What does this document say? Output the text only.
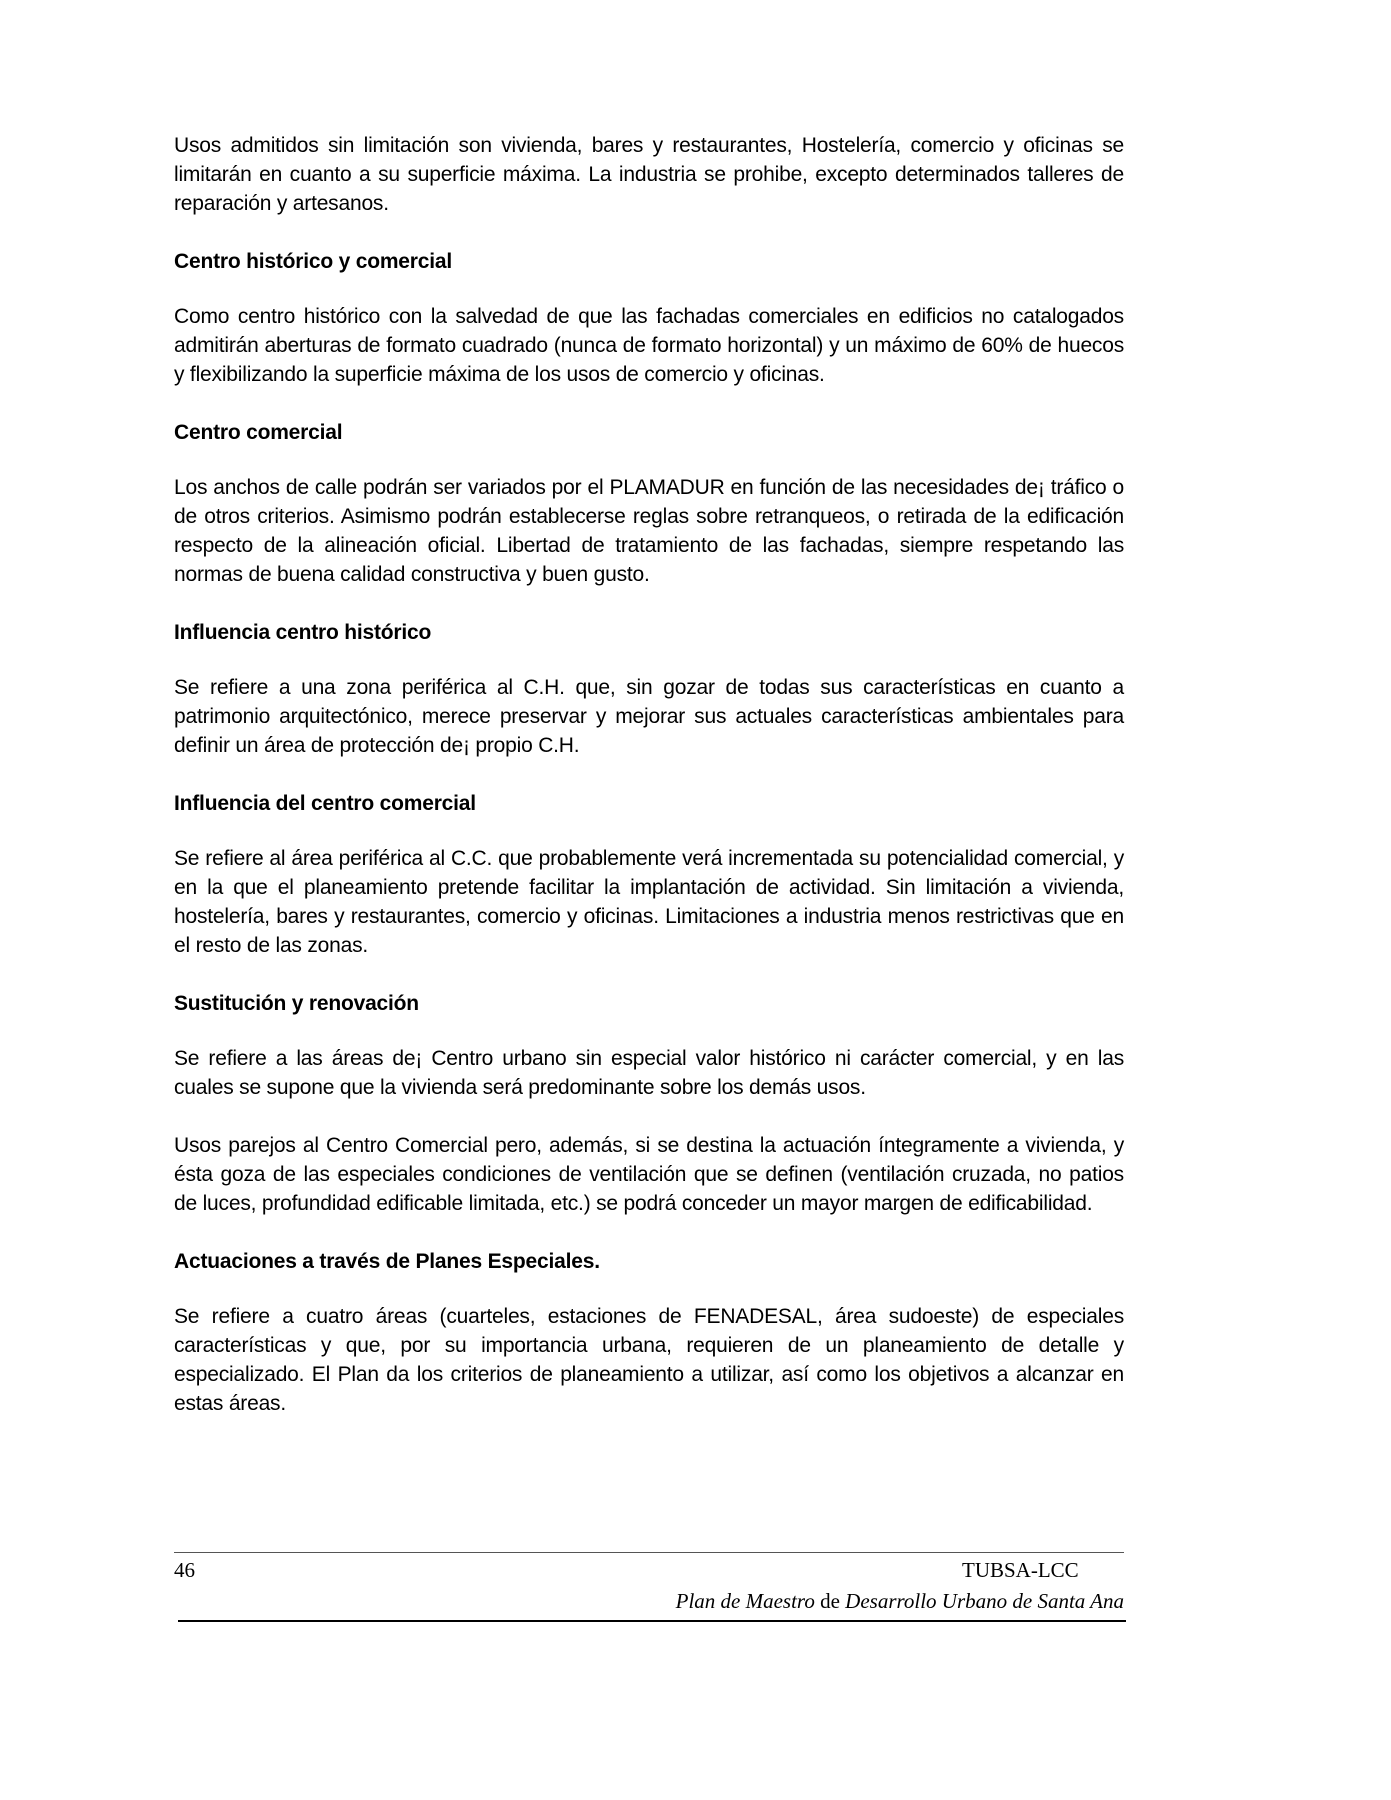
Usos admitidos sin limitación son vivienda, bares y restaurantes, Hostelería, comercio y oficinas se limitarán en cuanto a su superficie máxima. La industria se prohibe, excepto determinados talleres de reparación y artesanos.

Centro histórico y comercial

Como centro histórico con la salvedad de que las fachadas comerciales en edificios no catalogados admitirán aberturas de formato cuadrado (nunca de formato horizontal) y un máximo de 60% de huecos y flexibilizando la superficie máxima de los usos de comercio y oficinas.

Centro comercial

Los anchos de calle podrán ser variados por el PLAMADUR en función de las necesidades de¡ tráfico o de otros criterios. Asimismo podrán establecerse reglas sobre retranqueos, o retirada de la edificación respecto de la alineación oficial. Libertad de tratamiento de las fachadas, siempre respetando las normas de buena calidad constructiva y buen gusto.

Influencia centro histórico

Se refiere a una zona periférica al C.H. que, sin gozar de todas sus características en cuanto a patrimonio arquitectónico, merece preservar y mejorar sus actuales características ambientales para definir un área de protección de¡ propio C.H.

Influencia del centro comercial

Se refiere al área periférica al C.C. que probablemente verá incrementada su potencialidad comercial, y en la que el planeamiento pretende facilitar la implantación de actividad. Sin limitación a vivienda, hostelería, bares y restaurantes, comercio y oficinas. Limitaciones a industria menos restrictivas que en el resto de las zonas.

Sustitución y renovación

Se refiere a las áreas de¡ Centro urbano sin especial valor histórico ni carácter comercial, y en las cuales se supone que la vivienda será predominante sobre los demás usos.

Usos parejos al Centro Comercial pero, además, si se destina la actuación íntegramente a vivienda, y ésta goza de las especiales condiciones de ventilación que se definen (ventilación cruzada, no patios de luces, profundidad edificable limitada, etc.) se podrá conceder un mayor margen de edificabilidad.

Actuaciones a través de Planes Especiales.

Se refiere a cuatro áreas (cuarteles, estaciones de FENADESAL, área sudoeste) de especiales características y que, por su importancia urbana, requieren de un planeamiento de detalle y especializado. El Plan da los criterios de planeamiento a utilizar, así como los objetivos a alcanzar en estas áreas.

46	TUBSA-LCC
Plan de Maestro de Desarrollo Urbano de Santa Ana
